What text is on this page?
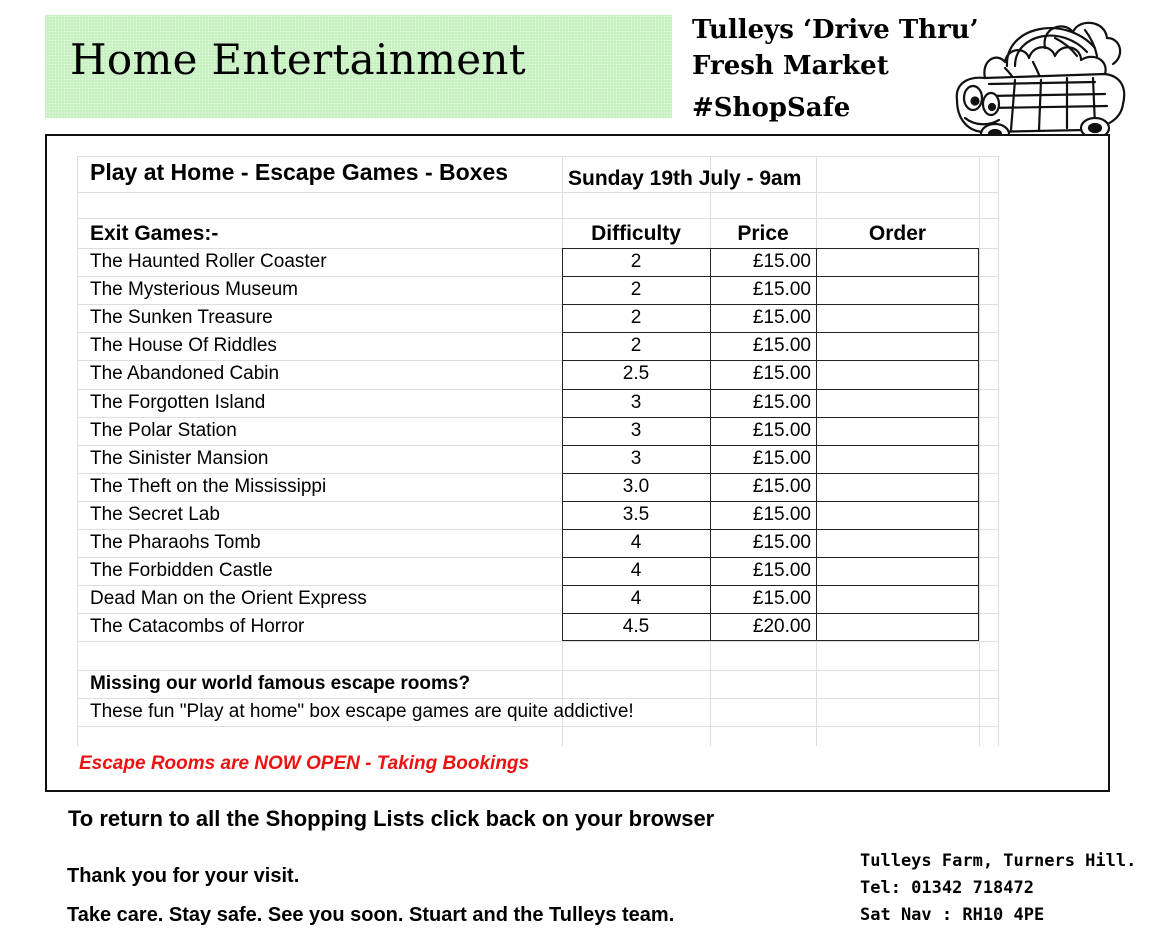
Home Entertainment
Tulleys ‘Drive Thru’
Fresh Market
#ShopSafe
Play at Home - Escape Games - Boxes	Sunday 19th July - 9am
Exit Games:-	Difficulty	Price	Order
The Haunted Roller Coaster	2	£15.00
The Mysterious Museum	2	£15.00
The Sunken Treasure	2	£15.00
The House Of Riddles	2	£15.00
The Abandoned Cabin	2.5	£15.00
The Forgotten Island	3	£15.00
The Polar Station	3	£15.00
The Sinister Mansion	3	£15.00
The Theft on the Mississippi	3.0	£15.00
The Secret Lab	3.5	£15.00
The Pharaohs Tomb	4	£15.00
The Forbidden Castle	4	£15.00
Dead Man on the Orient Express	4	£15.00
The Catacombs of Horror	4.5	£20.00
Missing our world famous escape rooms?
These fun "Play at home" box escape games are quite addictive!
Escape Rooms are NOW OPEN - Taking Bookings
To return to all the Shopping Lists click back on your browser
Thank you for your visit.
Take care. Stay safe. See you soon. Stuart and the Tulleys team.
Tulleys Farm, Turners Hill.
Tel: 01342 718472
Sat Nav : RH10 4PE
